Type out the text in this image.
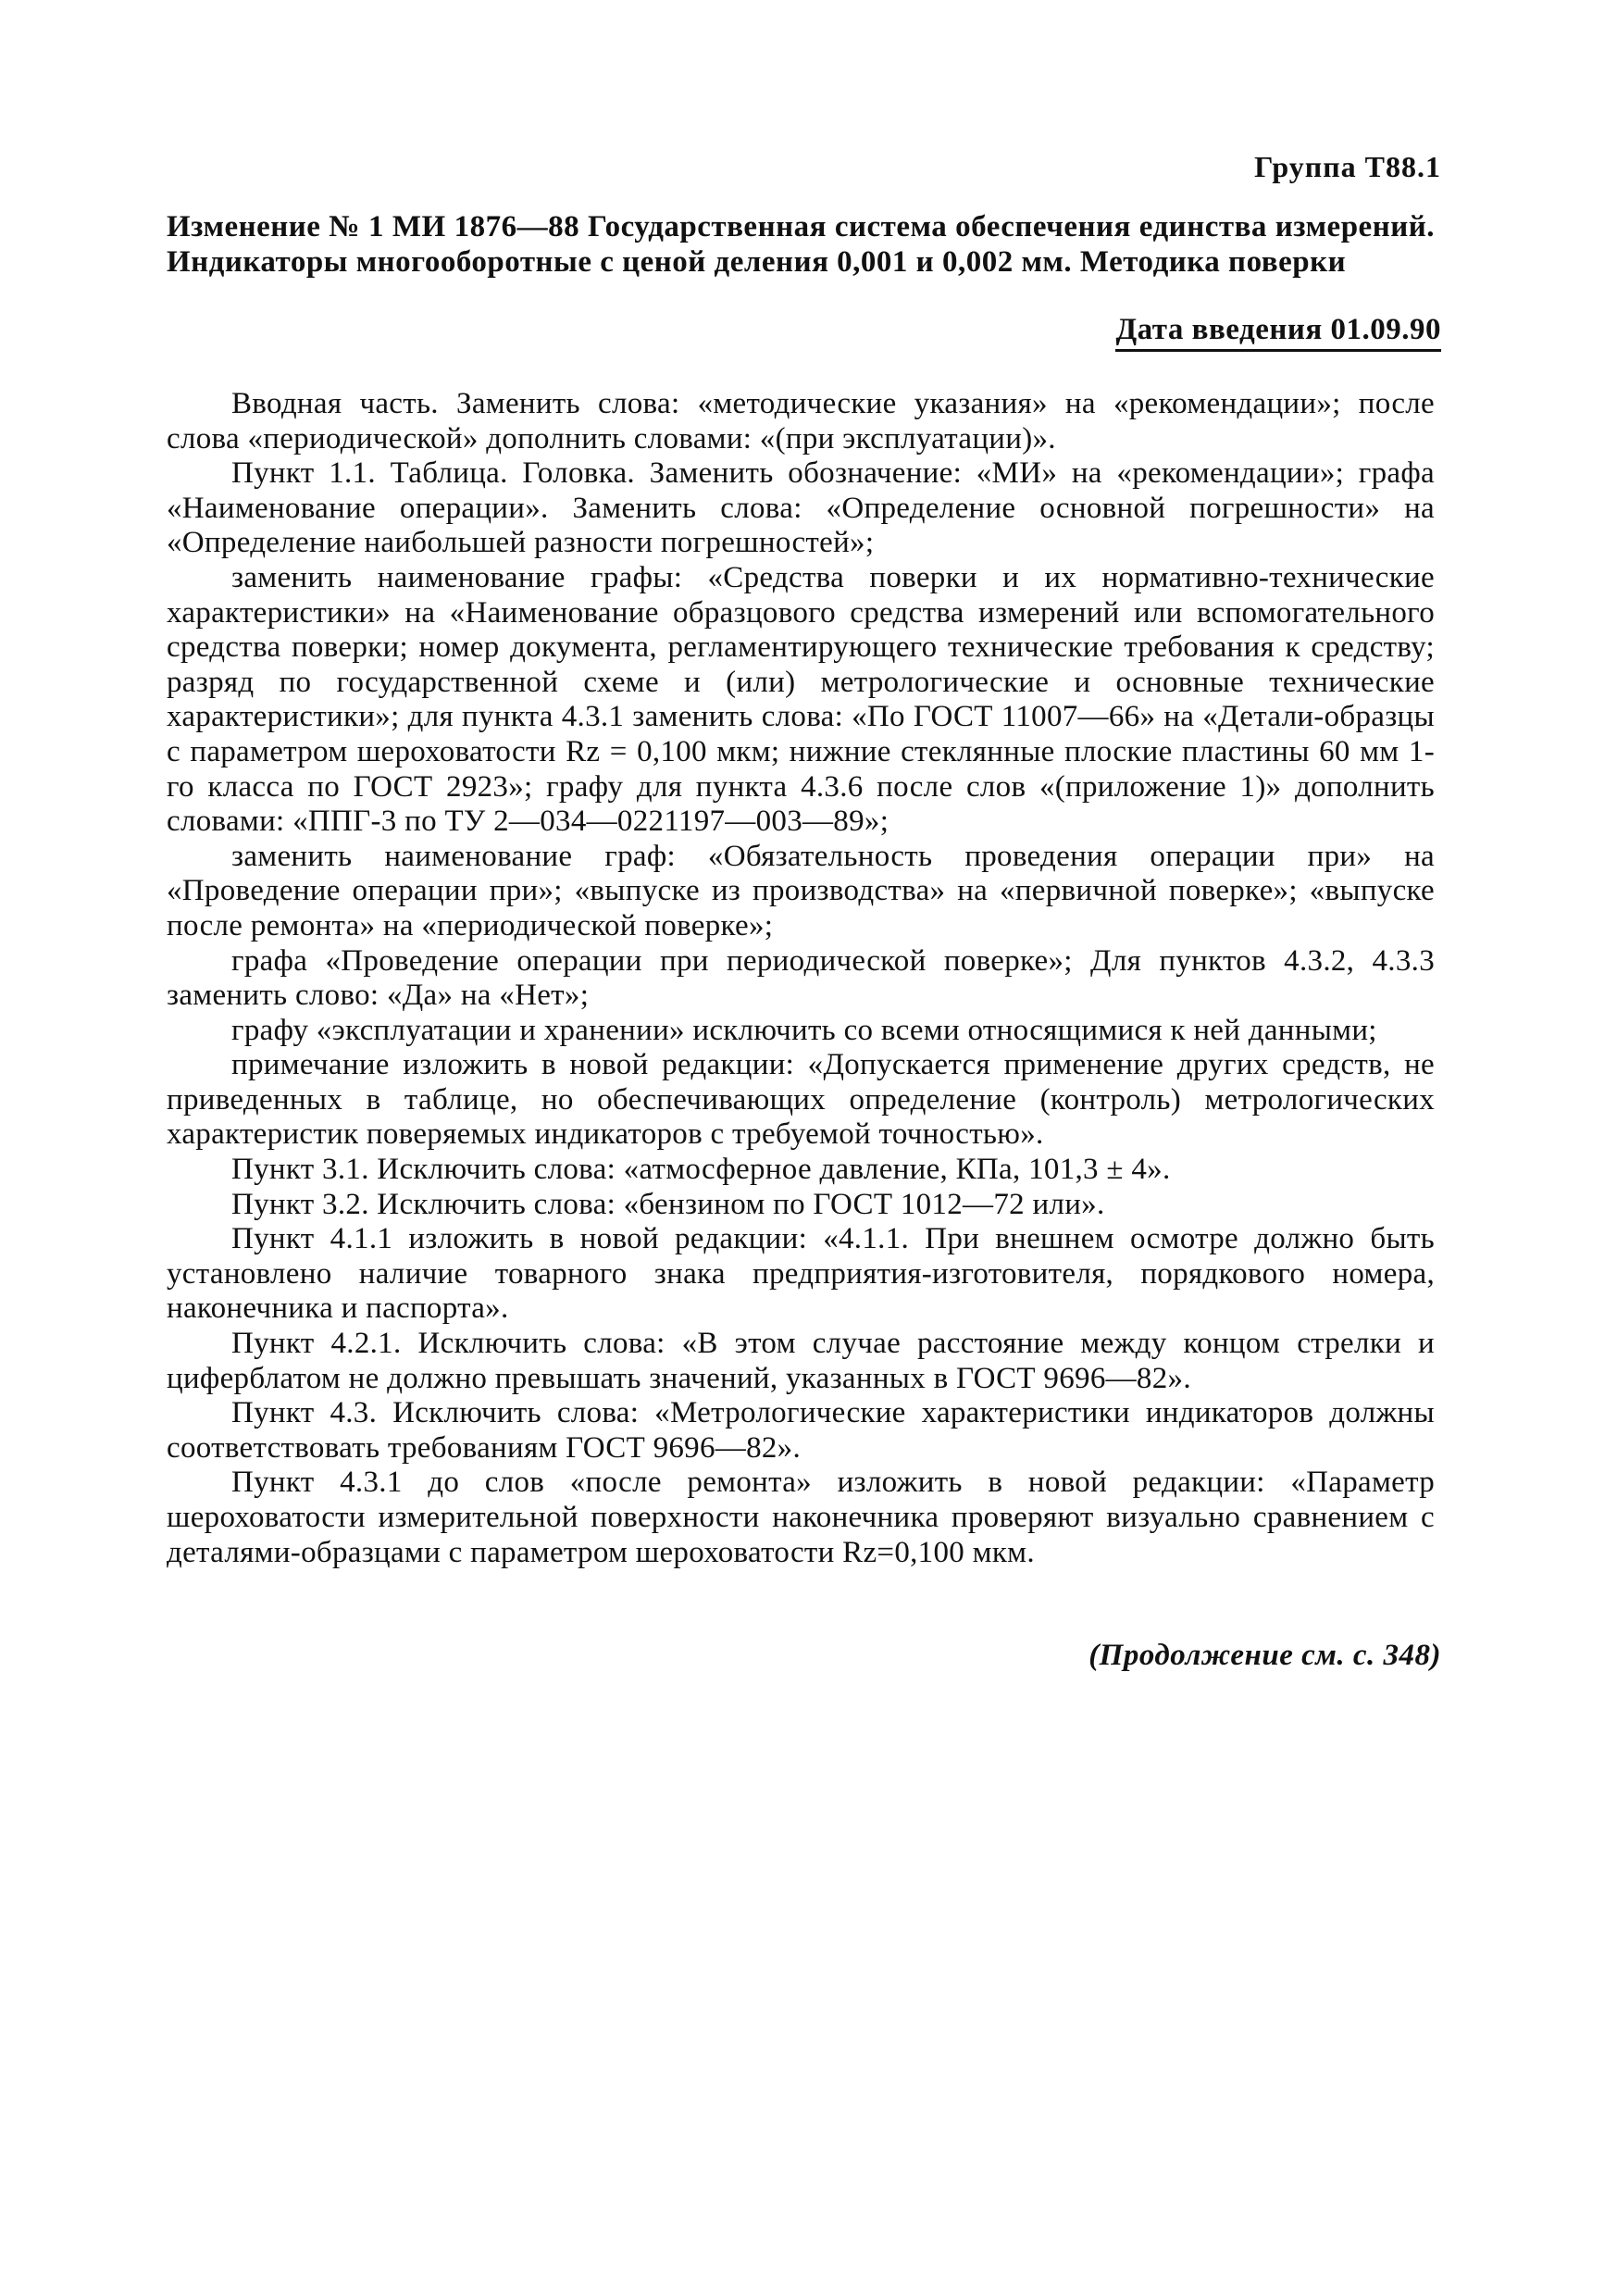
Группа Т88.1
Изменение № 1 МИ 1876—88 Государственная система обеспечения единства измерений. Индикаторы многооборотные с ценой деления 0,001 и 0,002 мм. Методика поверки
Дата введения 01.09.90

Вводная часть. Заменить слова: «методические указания» на «рекомендации»; после слова «периодической» дополнить словами: «(при эксплуатации)».

Пункт 1.1. Таблица. Головка. Заменить обозначение: «МИ» на «рекомендации»; графа «Наименование операции». Заменить слова: «Определение основной погрешности» на «Определение наибольшей разности погрешностей»;

заменить наименование графы: «Средства поверки и их нормативно-технические характеристики» на «Наименование образцового средства измерений или вспомогательного средства поверки; номер документа, регламентирующего технические требования к средству; разряд по государственной схеме и (или) метрологические и основные технические характеристики»; для пункта 4.3.1 заменить слова: «По ГОСТ 11007—66» на «Детали-образцы с параметром шероховатости Rz = 0,100 мкм; нижние стеклянные плоские пластины 60 мм 1-го класса по ГОСТ 2923»; графу для пункта 4.3.6 после слов «(приложение 1)» дополнить словами: «ППГ-3 по ТУ 2—034—0221197—003—89»;

заменить наименование граф: «Обязательность проведения операции при» на «Проведение операции при»; «выпуске из производства» на «первичной поверке»; «выпуске после ремонта» на «периодической поверке»;

графа «Проведение операции при периодической поверке»; Для пунктов 4.3.2, 4.3.3 заменить слово: «Да» на «Нет»;

графу «эксплуатации и хранении» исключить со всеми относящимися к ней данными;

примечание изложить в новой редакции: «Допускается применение других средств, не приведенных в таблице, но обеспечивающих определение (контроль) метрологических характеристик поверяемых индикаторов с требуемой точностью».

Пункт 3.1. Исключить слова: «атмосферное давление, КПа, 101,3 ± 4».

Пункт 3.2. Исключить слова: «бензином по ГОСТ 1012—72 или».

Пункт 4.1.1 изложить в новой редакции: «4.1.1. При внешнем осмотре должно быть установлено наличие товарного знака предприятия-изготовителя, порядкового номера, наконечника и паспорта».

Пункт 4.2.1. Исключить слова: «В этом случае расстояние между концом стрелки и циферблатом не должно превышать значений, указанных в ГОСТ 9696—82».

Пункт 4.3. Исключить слова: «Метрологические характеристики индикаторов должны соответствовать требованиям ГОСТ 9696—82».

Пункт 4.3.1 до слов «после ремонта» изложить в новой редакции: «Параметр шероховатости измерительной поверхности наконечника проверяют визуально сравнением с деталями-образцами с параметром шероховатости Rz=0,100 мкм.

(Продолжение см. с. 348)
